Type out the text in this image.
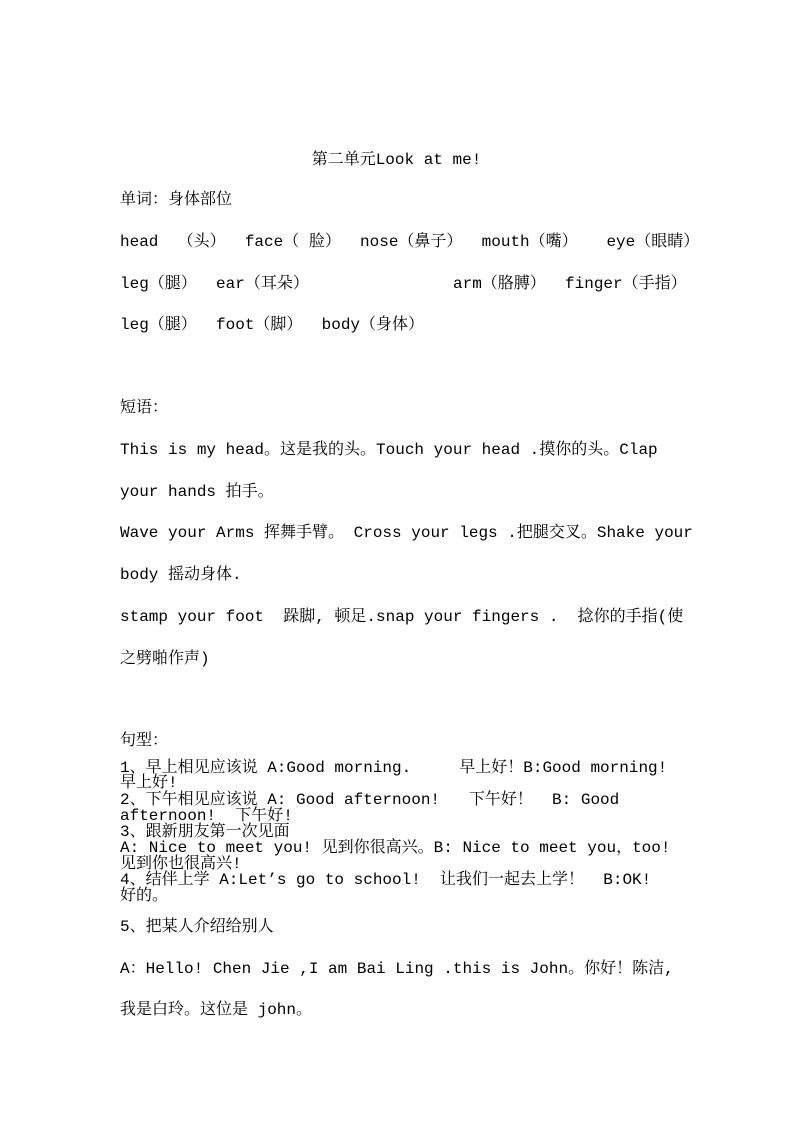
第二单元Look at me!
单词：身体部位
head  （头）  face（ 脸）  nose（鼻子）  mouth（嘴）   eye（眼睛）
leg（腿）  ear（耳朵）	arm（胳膊）  finger（手指）
leg（腿）  foot（脚）  body（身体）
短语：
This is my head。这是我的头。Touch your head .摸你的头。Clap
your hands 拍手。
Wave your Arms 挥舞手臂。 Cross your legs .把腿交叉。Shake your
body 摇动身体.
stamp your foot  跺脚, 顿足.snap your fingers .  捻你的手指(使
之劈啪作声)
句型：
1、早上相见应该说 A:Good morning.     早上好！B:Good morning!
早上好!
2、下午相见应该说 A: Good afternoon!   下午好！  B: Good
afternoon!  下午好!
3、跟新朋友第一次见面
A: Nice to meet you! 见到你很高兴。B: Nice to meet you，too!
见到你也很高兴!
4、结伴上学 A:Let’s go to school!  让我们一起去上学！  B:OK!
好的。
5、把某人介绍给别人
A：Hello! Chen Jie ,I am Bai Ling .this is John。你好！陈洁,
我是白玲。这位是 john。
